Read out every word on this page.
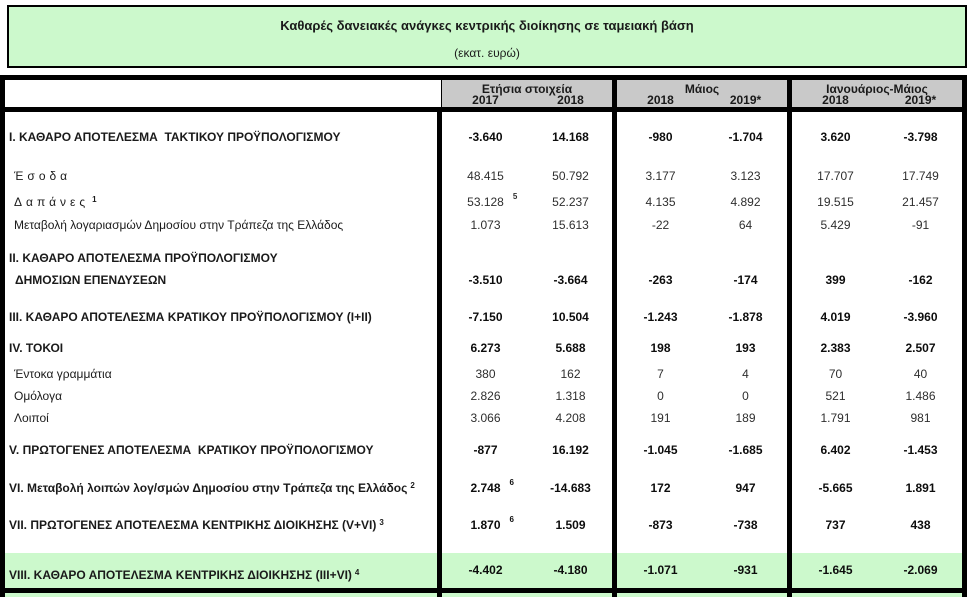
Καθαρές δανειακές ανάγκες κεντρικής διοίκησης σε ταμειακή βάση
(εκατ. ευρώ)
Ετήσια στοιχεία
2017	2018
Μάιος
2018	2019*
Ιανουάριος-Μάιος
2018	2019*
I. ΚΑΘΑΡΟ ΑΠΟΤΕΛΕΣΜΑ  ΤΑΚΤΙΚΟΥ ΠΡΟΫΠΟΛΟΓΙΣΜΟΥ	-3.640	14.168	-980	-1.704	3.620	-3.798
Έσοδα	48.415	50.792	3.177	3.123	17.707	17.749
Δαπάνες $^1$	53.128 5	52.237	4.135	4.892	19.515	21.457
Μεταβολή λογαριασμών Δημοσίου στην Τράπεζα της Ελλάδος	1.073	15.613	-22	64	5.429	-91
II. ΚΑΘΑΡΟ ΑΠΟΤΕΛΕΣΜΑ ΠΡΟΫΠΟΛΟΓΙΣΜΟΥ
ΔΗΜΟΣΙΩΝ ΕΠΕΝΔΥΣΕΩΝ	-3.510	-3.664	-263	-174	399	-162
III. ΚΑΘΑΡΟ ΑΠΟΤΕΛΕΣΜΑ ΚΡΑΤΙΚΟΥ ΠΡΟΫΠΟΛΟΓΙΣΜΟΥ (I+II)	-7.150	10.504	-1.243	-1.878	4.019	-3.960
IV. ΤΟΚΟΙ	6.273	5.688	198	193	2.383	2.507
Έντοκα γραμμάτια	380	162	7	4	70	40
Ομόλογα	2.826	1.318	0	0	521	1.486
Λοιποί	3.066	4.208	191	189	1.791	981
V. ΠΡΩΤΟΓΕΝΕΣ ΑΠΟΤΕΛΕΣΜΑ  ΚΡΑΤΙΚΟΥ ΠΡΟΫΠΟΛΟΓΙΣΜΟΥ	-877	16.192	-1.045	-1.685	6.402	-1.453
VI. Μεταβολή λοιπών λογ/σμών Δημοσίου στην Τράπεζα της Ελλάδος $^2$	2.748 6	-14.683	172	947	-5.665	1.891
VII. ΠΡΩΤΟΓΕΝΕΣ ΑΠΟΤΕΛΕΣΜΑ ΚΕΝΤΡΙΚΗΣ ΔΙΟΙΚΗΣΗΣ (V+VI) $^3$	1.870 6	1.509	-873	-738	737	438
VIII. ΚΑΘΑΡΟ ΑΠΟΤΕΛΕΣΜΑ ΚΕΝΤΡΙΚΗΣ ΔΙΟΙΚΗΣΗΣ (III+VI) $^4$	-4.402	-4.180	-1.071	-931	-1.645	-2.069
